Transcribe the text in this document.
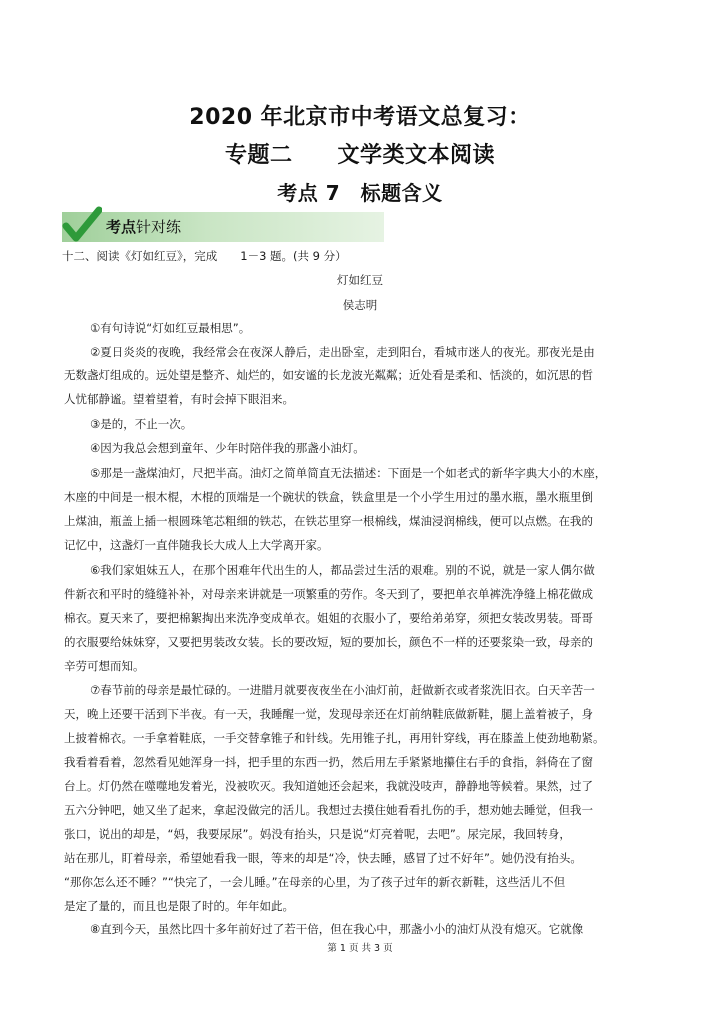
2020 年北京市中考语文总复习：
专题二　　文学类文本阅读
考点 7　标题含义
考点针对练
十二、阅读《灯如红豆》，完成　　1－3 题。(共 9 分）
灯如红豆
侯志明
①有句诗说“灯如红豆最相思”。
②夏日炎炎的夜晚，我经常会在夜深人静后，走出卧室，走到阳台，看城市迷人的夜光。那夜光是由
无数盏灯组成的。远处望是整齐、灿烂的，如安谧的长龙波光粼粼；近处看是柔和、恬淡的，如沉思的哲
人忧郁静谧。望着望着，有时会掉下眼泪来。
③是的，不止一次。
④因为我总会想到童年、少年时陪伴我的那盏小油灯。
⑤那是一盏煤油灯，尺把半高。油灯之简单简直无法描述：下面是一个如老式的新华字典大小的木座，
木座的中间是一根木棍，木棍的顶端是一个碗状的铁盒，铁盒里是一个小学生用过的墨水瓶，墨水瓶里倒
上煤油，瓶盖上插一根圆珠笔芯粗细的铁芯，在铁芯里穿一根棉线，煤油浸润棉线，便可以点燃。在我的
记忆中，这盏灯一直伴随我长大成人上大学离开家。
⑥我们家姐妹五人，在那个困难年代出生的人，都品尝过生活的艰难。别的不说，就是一家人偶尔做
件新衣和平时的缝缝补补，对母亲来讲就是一项繁重的劳作。冬天到了，要把单衣单裤洗净缝上棉花做成
棉衣。夏天来了，要把棉絮掏出来洗净变成单衣。姐姐的衣服小了，要给弟弟穿，须把女装改男装。哥哥
的衣服要给妹妹穿，又要把男装改女装。长的要改短，短的要加长，颜色不一样的还要浆染一致，母亲的
辛劳可想而知。
⑦春节前的母亲是最忙碌的。一进腊月就要夜夜坐在小油灯前，赶做新衣或者浆洗旧衣。白天辛苦一
天，晚上还要干活到下半夜。有一天，我睡醒一觉，发现母亲还在灯前纳鞋底做新鞋，腿上盖着被子，身
上披着棉衣。一手拿着鞋底，一手交替拿锥子和针线。先用锥子扎，再用针穿线，再在膝盖上使劲地勒紧。
我看着看着，忽然看见她浑身一抖，把手里的东西一扔，然后用左手紧紧地攥住右手的食指，斜倚在了窗
台上。灯仍然在噬噬地发着光，没被吹灭。我知道她还会起来，我就没吱声，静静地等候着。果然，过了
五六分钟吧，她又坐了起来，拿起没做完的活儿。我想过去摸住她看看扎伤的手，想劝她去睡觉，但我一
张口，说出的却是，“妈，我要尿尿”。妈没有抬头，只是说“灯亮着呢，去吧”。尿完尿，我回转身，
站在那儿，盯着母亲，希望她看我一眼，等来的却是“冷，快去睡，感冒了过不好年”。她仍没有抬头。
“那你怎么还不睡？”“快完了，一会儿睡。”在母亲的心里，为了孩子过年的新衣新鞋，这些活儿不但
是定了量的，而且也是限了时的。年年如此。
⑧直到今天，虽然比四十多年前好过了若干倍，但在我心中，那盏小小的油灯从没有熄灭。它就像
第 1 页 共 3 页
